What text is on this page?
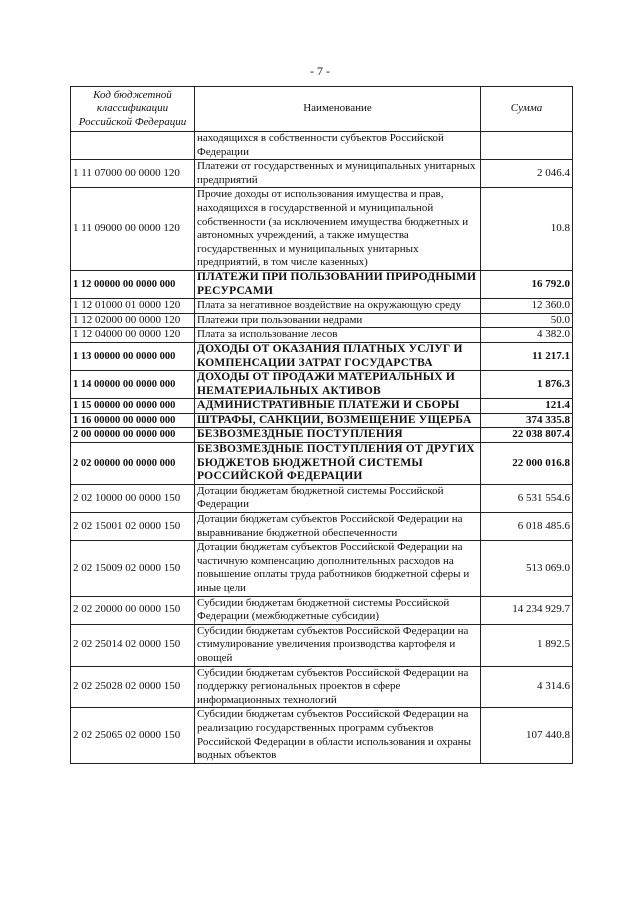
- 7 -
Код бюджетной классификации Российской Федерации	Наименование	Сумма
	находящихся в собственности субъектов Российской Федерации	
1 11 07000 00 0000 120	Платежи от государственных и муниципальных унитарных предприятий	2 046.4
1 11 09000 00 0000 120	Прочие доходы от использования имущества и прав, находящихся в государственной и муниципальной собственности (за исключением имущества бюджетных и автономных учреждений, а также имущества государственных и муниципальных унитарных предприятий, в том числе казенных)	10.8
1 12 00000 00 0000 000	ПЛАТЕЖИ ПРИ ПОЛЬЗОВАНИИ ПРИРОДНЫМИ РЕСУРСАМИ	16 792.0
1 12 01000 01 0000 120	Плата за негативное воздействие на окружающую среду	12 360.0
1 12 02000 00 0000 120	Платежи при пользовании недрами	50.0
1 12 04000 00 0000 120	Плата за использование лесов	4 382.0
1 13 00000 00 0000 000	ДОХОДЫ ОТ ОКАЗАНИЯ ПЛАТНЫХ УСЛУГ И КОМПЕНСАЦИИ ЗАТРАТ ГОСУДАРСТВА	11 217.1
1 14 00000 00 0000 000	ДОХОДЫ ОТ ПРОДАЖИ МАТЕРИАЛЬНЫХ И НЕМАТЕРИАЛЬНЫХ АКТИВОВ	1 876.3
1 15 00000 00 0000 000	АДМИНИСТРАТИВНЫЕ ПЛАТЕЖИ И СБОРЫ	121.4
1 16 00000 00 0000 000	ШТРАФЫ, САНКЦИИ, ВОЗМЕЩЕНИЕ УЩЕРБА	374 335.8
2 00 00000 00 0000 000	БЕЗВОЗМЕЗДНЫЕ ПОСТУПЛЕНИЯ	22 038 807.4
2 02 00000 00 0000 000	БЕЗВОЗМЕЗДНЫЕ ПОСТУПЛЕНИЯ ОТ ДРУГИХ БЮДЖЕТОВ БЮДЖЕТНОЙ СИСТЕМЫ РОССИЙСКОЙ ФЕДЕРАЦИИ	22 000 016.8
2 02 10000 00 0000 150	Дотации бюджетам бюджетной системы Российской Федерации	6 531 554.6
2 02 15001 02 0000 150	Дотации бюджетам субъектов Российской Федерации на выравнивание бюджетной обеспеченности	6 018 485.6
2 02 15009 02 0000 150	Дотации бюджетам субъектов Российской Федерации на частичную компенсацию дополнительных расходов на повышение оплаты труда работников бюджетной сферы и иные цели	513 069.0
2 02 20000 00 0000 150	Субсидии бюджетам бюджетной системы Российской Федерации (межбюджетные субсидии)	14 234 929.7
2 02 25014 02 0000 150	Субсидии бюджетам субъектов Российской Федерации на стимулирование увеличения производства картофеля и овощей	1 892.5
2 02 25028 02 0000 150	Субсидии бюджетам субъектов Российской Федерации на поддержку региональных проектов в сфере информационных технологий	4 314.6
2 02 25065 02 0000 150	Субсидии бюджетам субъектов Российской Федерации на реализацию государственных программ субъектов Российской Федерации в области использования и охраны водных объектов	107 440.8
